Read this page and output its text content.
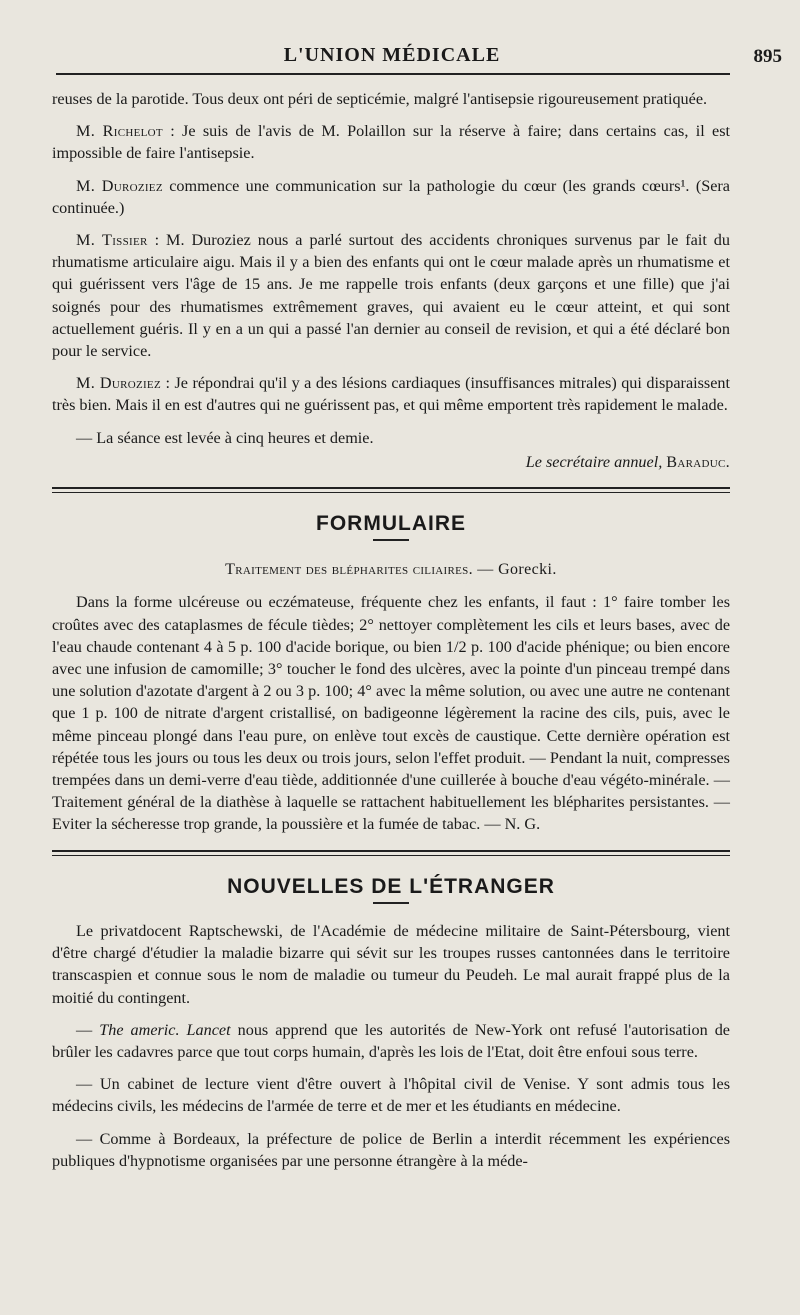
L'UNION MÉDICALE	895

reuses de la parotide. Tous deux ont péri de septicémie, malgré l'antisepsie rigoureusement pratiquée.

M. Richelot : Je suis de l'avis de M. Polaillon sur la réserve à faire; dans certains cas, il est impossible de faire l'antisepsie.

M. Duroziez commence une communication sur la pathologie du cœur (les grands cœurs¹. (Sera continuée.)

M. Tissier : M. Duroziez nous a parlé surtout des accidents chroniques survenus par le fait du rhumatisme articulaire aigu. Mais il y a bien des enfants qui ont le cœur malade après un rhumatisme et qui guérissent vers l'âge de 15 ans. Je me rappelle trois enfants (deux garçons et une fille) que j'ai soignés pour des rhumatismes extrêmement graves, qui avaient eu le cœur atteint, et qui sont actuellement guéris. Il y en a un qui a passé l'an dernier au conseil de revision, et qui a été déclaré bon pour le service.

M. Duroziez : Je répondrai qu'il y a des lésions cardiaques (insuffisances mitrales) qui disparaissent très bien. Mais il en est d'autres qui ne guérissent pas, et qui même emportent très rapidement le malade.

— La séance est levée à cinq heures et demie.

Le secrétaire annuel, Baraduc.

FORMULAIRE
Traitement des blépharites ciliaires. — Gorecki.

Dans la forme ulcéreuse ou eczémateuse, fréquente chez les enfants, il faut : 1° faire tomber les croûtes avec des cataplasmes de fécule tièdes; 2° nettoyer complètement les cils et leurs bases, avec de l'eau chaude contenant 4 à 5 p. 100 d'acide borique, ou bien 1/2 p. 100 d'acide phénique; ou bien encore avec une infusion de camomille; 3° toucher le fond des ulcères, avec la pointe d'un pinceau trempé dans une solution d'azotate d'argent à 2 ou 3 p. 100; 4° avec la même solution, ou avec une autre ne contenant que 1 p. 100 de nitrate d'argent cristallisé, on badigeonne légèrement la racine des cils, puis, avec le même pinceau plongé dans l'eau pure, on enlève tout excès de caustique. Cette dernière opération est répétée tous les jours ou tous les deux ou trois jours, selon l'effet produit. — Pendant la nuit, compresses trempées dans un demi-verre d'eau tiède, additionnée d'une cuillerée à bouche d'eau végéto-minérale. — Traitement général de la diathèse à laquelle se rattachent habituellement les blépharites persistantes. — Eviter la sécheresse trop grande, la poussière et la fumée de tabac. — N. G.

NOUVELLES DE L'ÉTRANGER

Le privatdocent Raptschewski, de l'Académie de médecine militaire de Saint-Pétersbourg, vient d'être chargé d'étudier la maladie bizarre qui sévit sur les troupes russes cantonnées dans le territoire transcaspien et connue sous le nom de maladie ou tumeur du Peudeh. Le mal aurait frappé plus de la moitié du contingent.

— The americ. Lancet nous apprend que les autorités de New-York ont refusé l'autorisation de brûler les cadavres parce que tout corps humain, d'après les lois de l'Etat, doit être enfoui sous terre.

— Un cabinet de lecture vient d'être ouvert à l'hôpital civil de Venise. Y sont admis tous les médecins civils, les médecins de l'armée de terre et de mer et les étudiants en médecine.

— Comme à Bordeaux, la préfecture de police de Berlin a interdit récemment les expériences publiques d'hypnotisme organisées par une personne étrangère à la méde-
